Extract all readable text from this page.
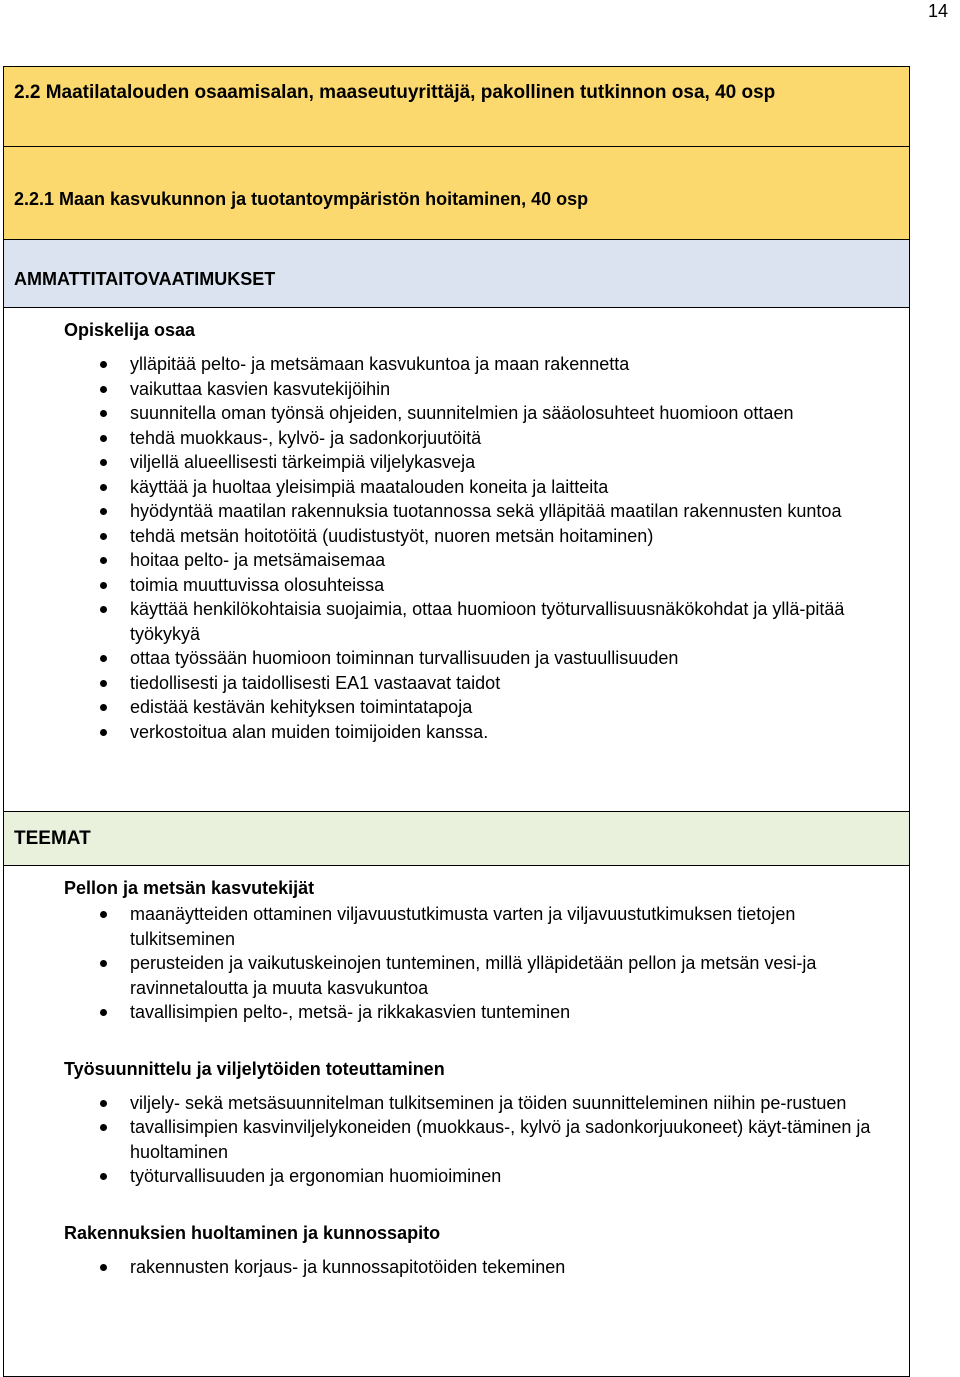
14
2.2 Maatilatalouden osaamisalan, maaseutuyrittäjä, pakollinen tutkinnon osa, 40 osp
2.2.1 Maan kasvukunnon ja tuotantoympäristön hoitaminen, 40 osp
AMMATTITAITOVAATIMUKSET
Opiskelija osaa
ylläpitää pelto- ja metsämaan kasvukuntoa ja maan rakennetta
vaikuttaa kasvien kasvutekijöihin
suunnitella oman työnsä ohjeiden, suunnitelmien ja sääolosuhteet huomioon ottaen
tehdä muokkaus-, kylvö- ja sadonkorjuutöitä
viljellä alueellisesti tärkeimpiä viljelykasveja
käyttää ja huoltaa yleisimpiä maatalouden koneita ja laitteita
hyödyntää maatilan rakennuksia tuotannossa sekä ylläpitää maatilan rakennusten kuntoa
tehdä metsän hoitotöitä (uudistustyöt, nuoren metsän hoitaminen)
hoitaa pelto- ja metsämaisemaa
toimia muuttuvissa olosuhteissa
käyttää henkilökohtaisia suojaimia, ottaa huomioon työturvallisuusnäkökohdat ja yllä-pitää työkykyä
ottaa työssään huomioon toiminnan turvallisuuden ja vastuullisuuden
tiedollisesti ja taidollisesti EA1 vastaavat taidot
edistää kestävän kehityksen toimintatapoja
verkostoitua alan muiden toimijoiden kanssa.
TEEMAT
Pellon ja metsän kasvutekijät
maanäytteiden ottaminen viljavuustutkimusta varten ja viljavuustutkimuksen tietojen tulkitseminen
perusteiden ja vaikutuskeinojen tunteminen, millä ylläpidetään pellon ja metsän vesi-ja ravinnetaloutta ja muuta kasvukuntoa
tavallisimpien pelto-, metsä- ja rikkakasvien tunteminen
Työsuunnittelu ja viljelytöiden toteuttaminen
viljely- sekä metsäsuunnitelman tulkitseminen ja töiden suunnitteleminen niihin pe-rustuen
tavallisimpien kasvinviljelykoneiden (muokkaus-, kylvö ja sadonkorjuukoneet) käyt-täminen ja huoltaminen
työturvallisuuden ja ergonomian huomioiminen
Rakennuksien huoltaminen ja kunnossapito
rakennusten korjaus- ja kunnossapitotöiden tekeminen
